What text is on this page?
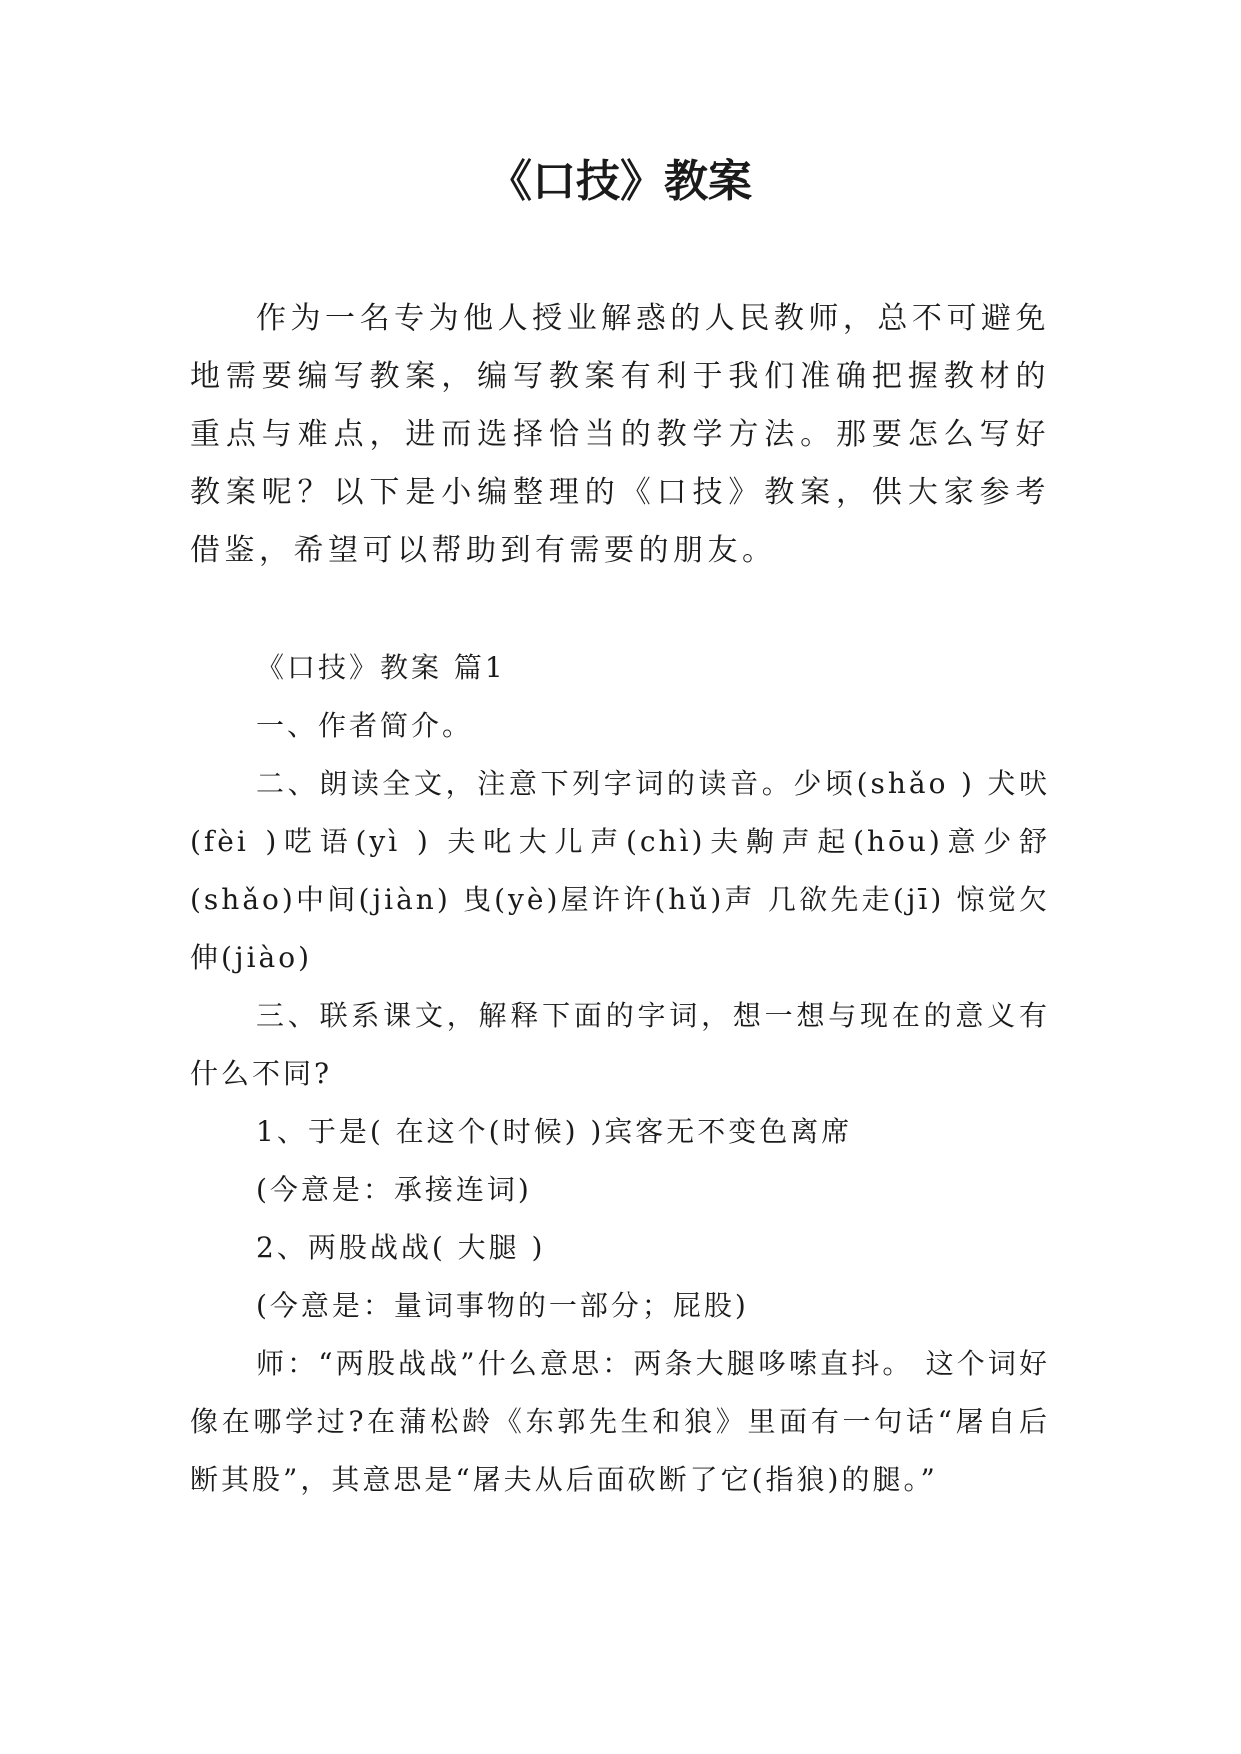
《口技》教案

作为一名专为他人授业解惑的人民教师，总不可避免地需要编写教案，编写教案有利于我们准确把握教材的重点与难点，进而选择恰当的教学方法。那要怎么写好教案呢？以下是小编整理的《口技》教案，供大家参考借鉴，希望可以帮助到有需要的朋友。

《口技》教案 篇1

一、作者简介。

二、朗读全文，注意下列字词的读音。少顷(shǎo ) 犬吠(fèi )呓语(yì ) 夫叱大儿声(chì)夫齁声起(hōu)意少舒 (shǎo)中间(jiàn) 曳(yè)屋许许(hǔ)声 几欲先走(jī) 惊觉欠伸(jiào)

三、联系课文，解释下面的字词，想一想与现在的意义有什么不同?

1、于是( 在这个(时候) )宾客无不变色离席

(今意是：承接连词)

2、两股战战( 大腿 )

(今意是：量词事物的一部分；屁股)

师：“两股战战”什么意思：两条大腿哆嗦直抖。 这个词好像在哪学过?在蒲松龄《东郭先生和狼》里面有一句话“屠自后断其股”，其意思是“屠夫从后面砍断了它(指狼)的腿。”
